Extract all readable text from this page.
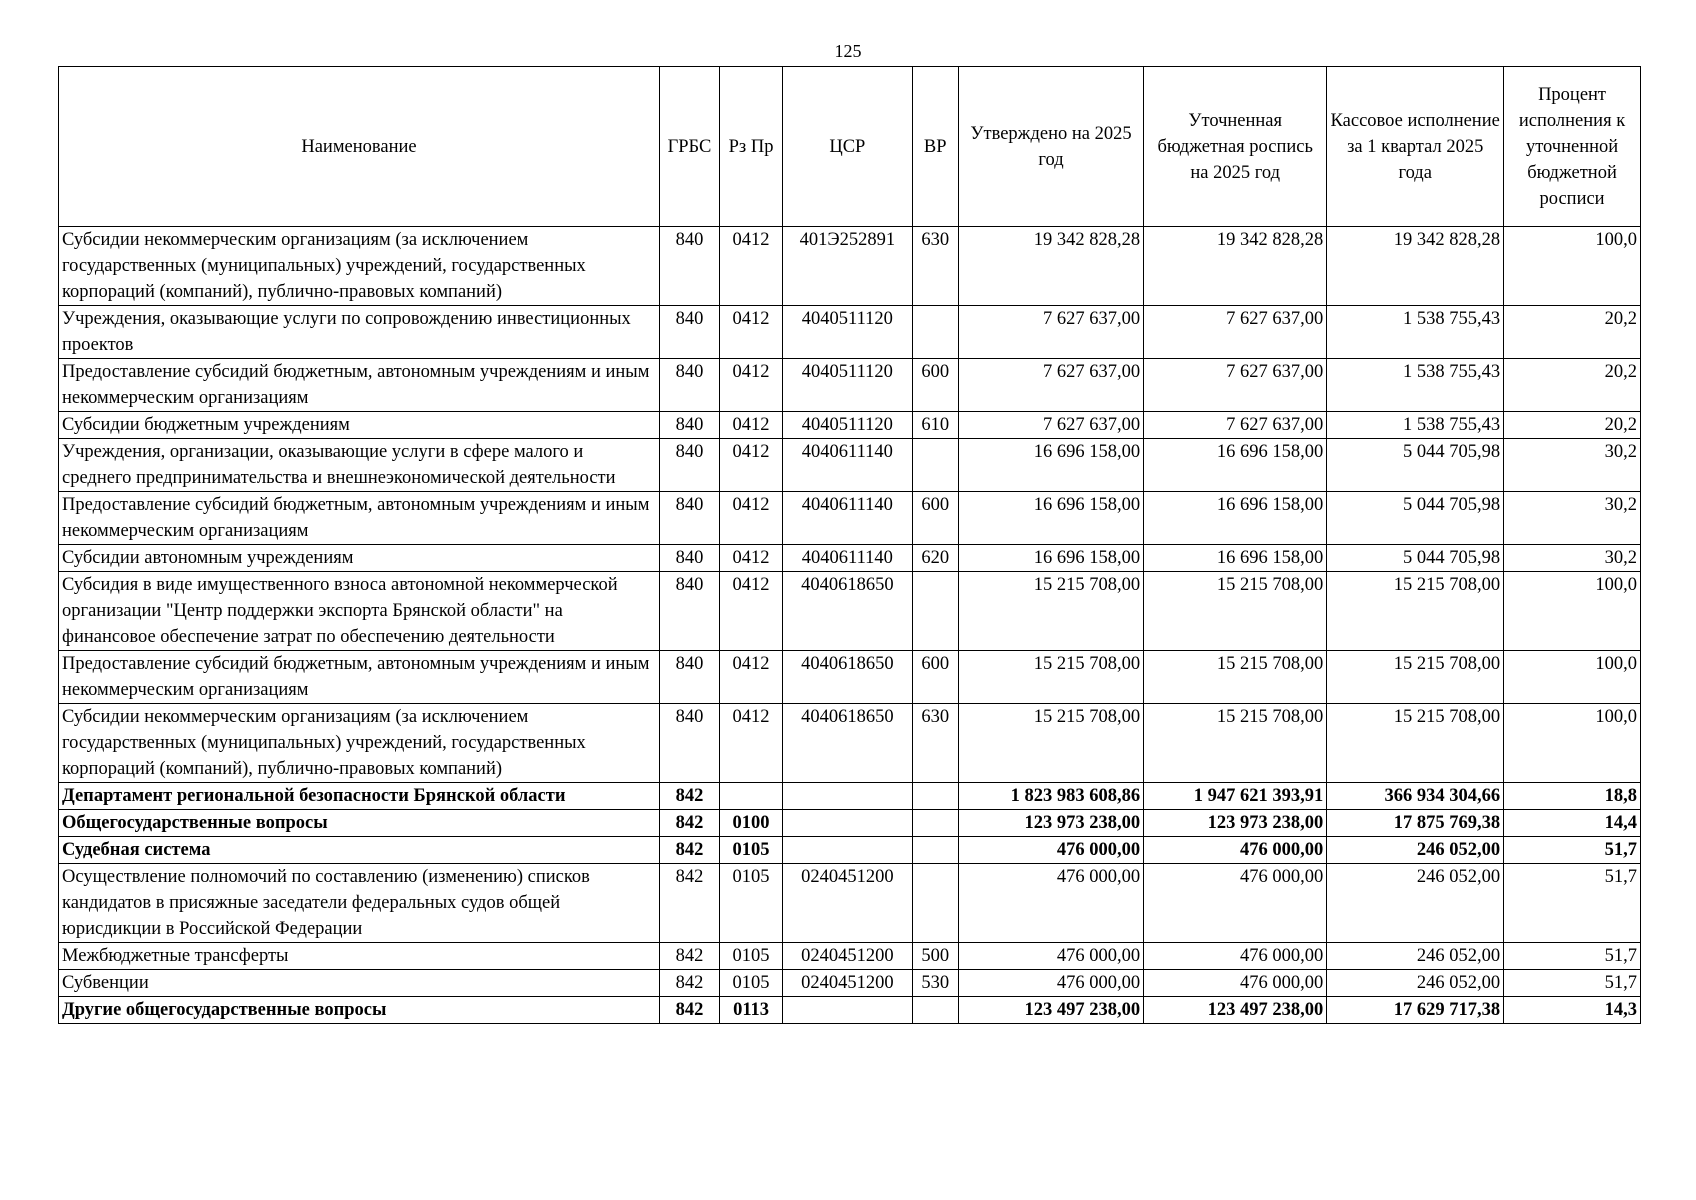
125
Наименование	ГРБС	Рз Пр	ЦСР	ВР	Утверждено на 2025 год	Уточненная бюджетная роспись на 2025 год	Кассовое исполнение за 1 квартал 2025 года	Процент исполнения к уточненной бюджетной росписи
Субсидии некоммерческим организациям (за исключением государственных (муниципальных) учреждений, государственных корпораций (компаний), публично-правовых компаний)	840	0412	401Э252891	630	19 342 828,28	19 342 828,28	19 342 828,28	100,0
Учреждения, оказывающие услуги по сопровождению инвестиционных проектов	840	0412	4040511120		7 627 637,00	7 627 637,00	1 538 755,43	20,2
Предоставление субсидий бюджетным, автономным учреждениям и иным некоммерческим организациям	840	0412	4040511120	600	7 627 637,00	7 627 637,00	1 538 755,43	20,2
Субсидии бюджетным учреждениям	840	0412	4040511120	610	7 627 637,00	7 627 637,00	1 538 755,43	20,2
Учреждения, организации, оказывающие услуги в сфере малого и среднего предпринимательства и внешнеэкономической деятельности	840	0412	4040611140		16 696 158,00	16 696 158,00	5 044 705,98	30,2
Предоставление субсидий бюджетным, автономным учреждениям и иным некоммерческим организациям	840	0412	4040611140	600	16 696 158,00	16 696 158,00	5 044 705,98	30,2
Субсидии автономным учреждениям	840	0412	4040611140	620	16 696 158,00	16 696 158,00	5 044 705,98	30,2
Субсидия в виде имущественного взноса автономной некоммерческой организации "Центр поддержки экспорта Брянской области" на финансовое обеспечение затрат по обеспечению деятельности	840	0412	4040618650		15 215 708,00	15 215 708,00	15 215 708,00	100,0
Предоставление субсидий бюджетным, автономным учреждениям и иным некоммерческим организациям	840	0412	4040618650	600	15 215 708,00	15 215 708,00	15 215 708,00	100,0
Субсидии некоммерческим организациям (за исключением государственных (муниципальных) учреждений, государственных корпораций (компаний), публично-правовых компаний)	840	0412	4040618650	630	15 215 708,00	15 215 708,00	15 215 708,00	100,0
Департамент региональной безопасности Брянской области	842				1 823 983 608,86	1 947 621 393,91	366 934 304,66	18,8
Общегосударственные вопросы	842	0100			123 973 238,00	123 973 238,00	17 875 769,38	14,4
Судебная система	842	0105			476 000,00	476 000,00	246 052,00	51,7
Осуществление полномочий по составлению (изменению) списков кандидатов в присяжные заседатели федеральных судов общей юрисдикции в Российской Федерации	842	0105	0240451200		476 000,00	476 000,00	246 052,00	51,7
Межбюджетные трансферты	842	0105	0240451200	500	476 000,00	476 000,00	246 052,00	51,7
Субвенции	842	0105	0240451200	530	476 000,00	476 000,00	246 052,00	51,7
Другие общегосударственные вопросы	842	0113			123 497 238,00	123 497 238,00	17 629 717,38	14,3
